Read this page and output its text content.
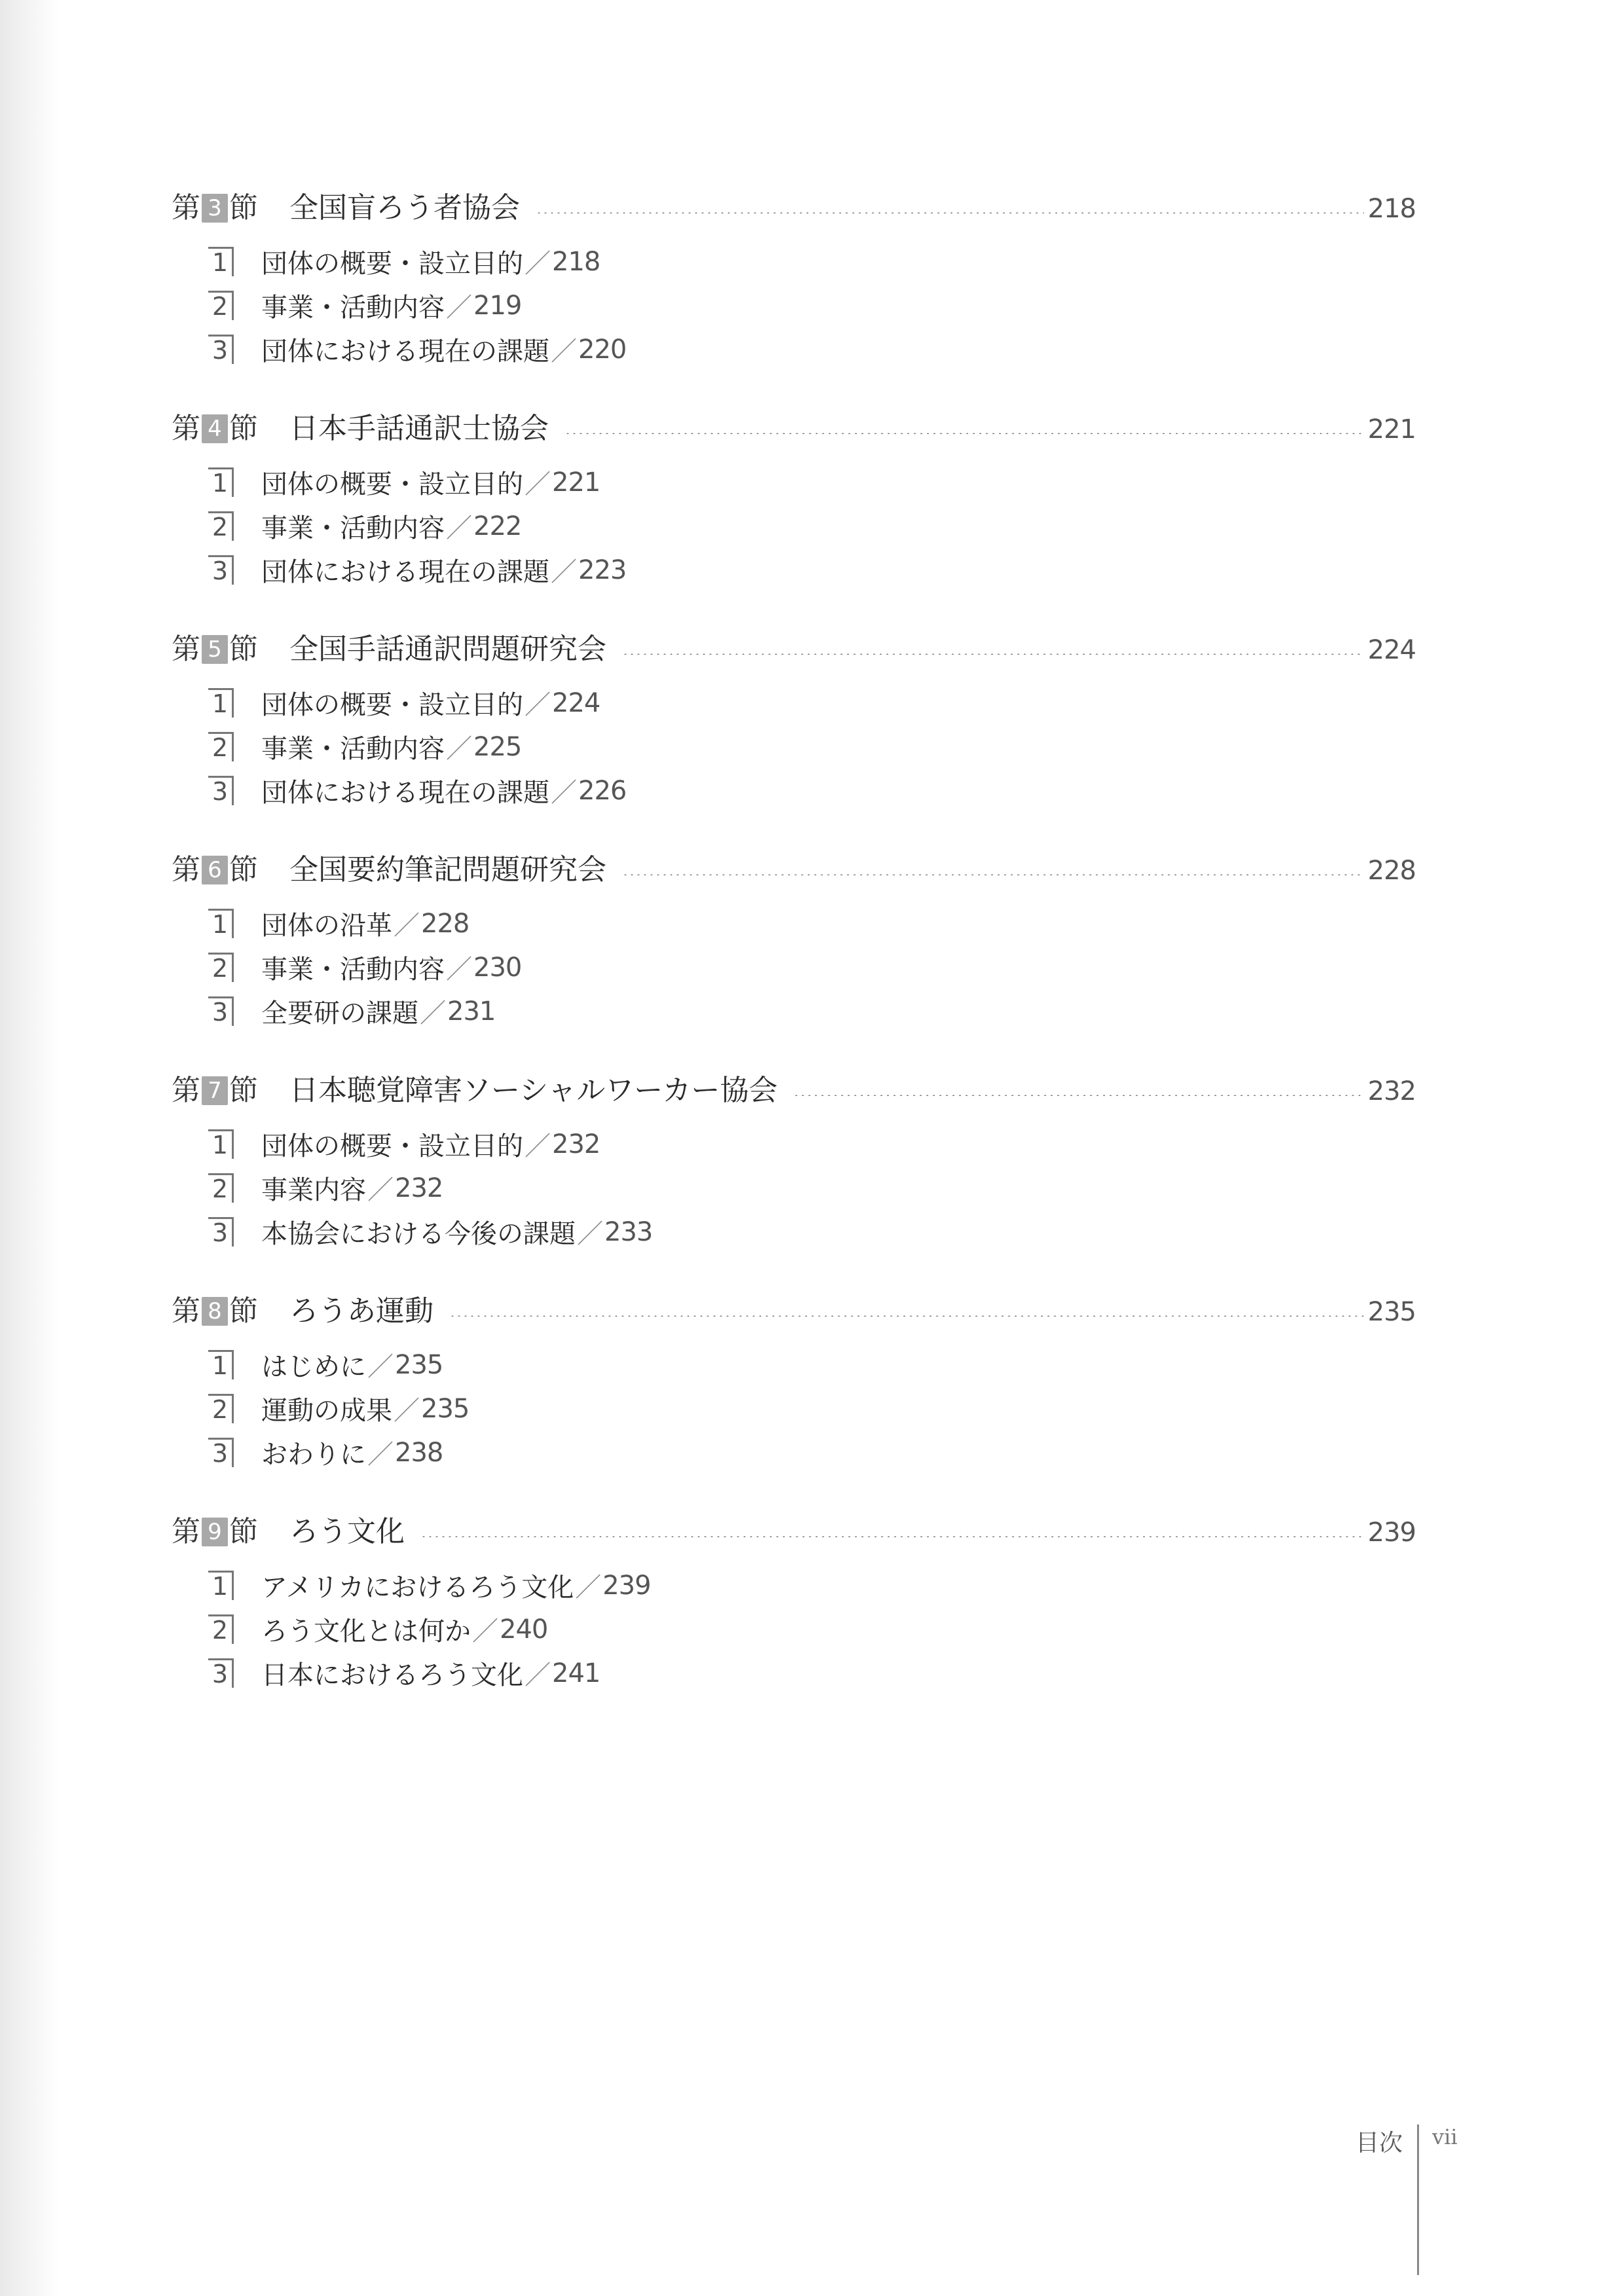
第 3 節 全国盲ろう者協会	218
1 団体の概要・設立目的 ／ 218
2 事業・活動内容 ／ 219
3 団体における現在の課題 ／ 220
第 4 節 日本手話通訳士協会	221
1 団体の概要・設立目的 ／ 221
2 事業・活動内容 ／ 222
3 団体における現在の課題 ／ 223
第 5 節 全国手話通訳問題研究会	224
1 団体の概要・設立目的 ／ 224
2 事業・活動内容 ／ 225
3 団体における現在の課題 ／ 226
第 6 節 全国要約筆記問題研究会	228
1 団体の沿革 ／ 228
2 事業・活動内容 ／ 230
3 全要研の課題 ／ 231
第 7 節 日本聴覚障害ソーシャルワーカー協会	232
1 団体の概要・設立目的 ／ 232
2 事業内容 ／ 232
3 本協会における今後の課題 ／ 233
第 8 節 ろうあ運動	235
1 はじめに ／ 235
2 運動の成果 ／ 235
3 おわりに ／ 238
第 9 節 ろう文化	239
1 アメリカにおけるろう文化 ／ 239
2 ろう文化とは何か ／ 240
3 日本におけるろう文化 ／ 241
目次 vii
